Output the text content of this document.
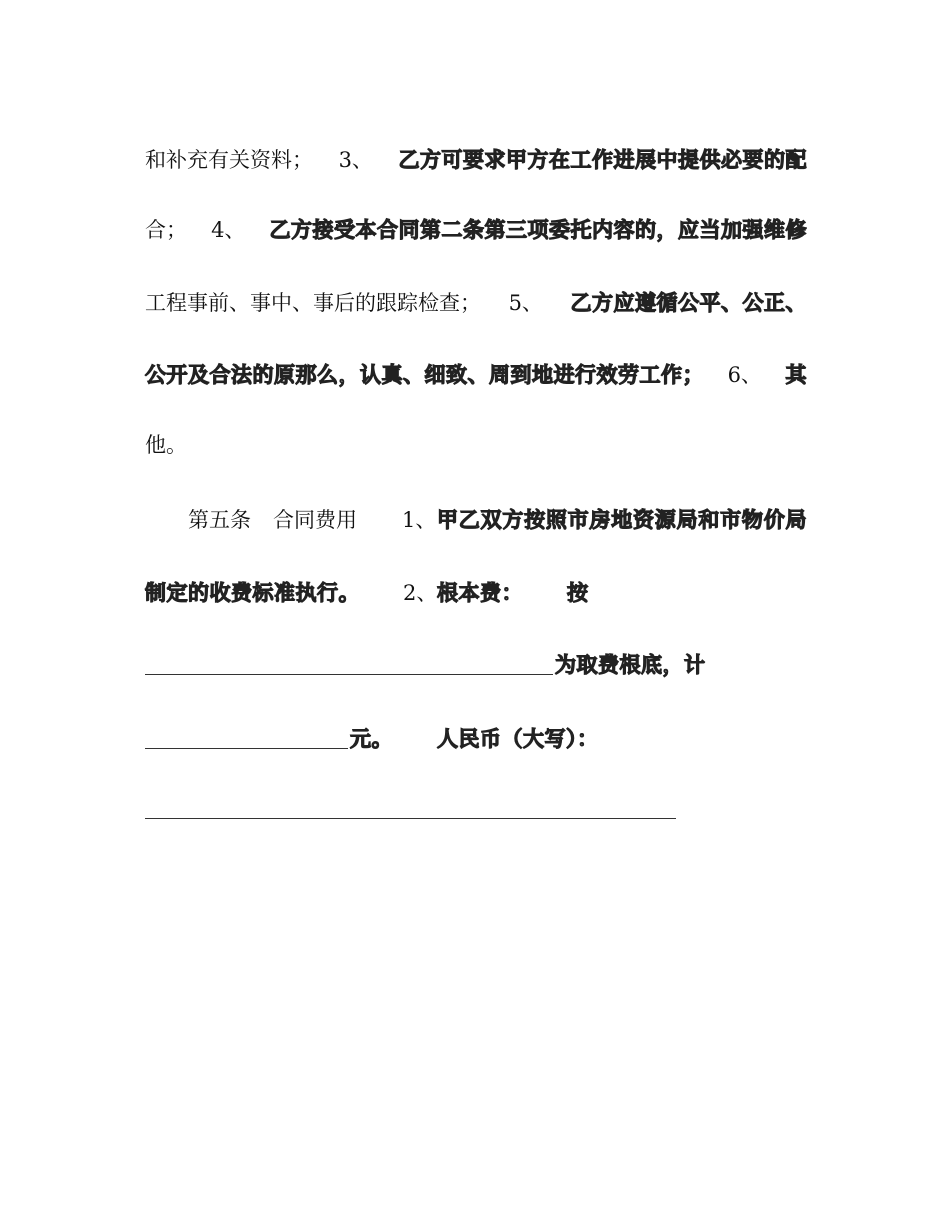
和补充有关资料； 3、 乙方可要求甲方在工作进展中提供必要的配
合； 4、 乙方接受本合同第二条第三项委托内容的，应当加强维修
工程事前、事中、事后的跟踪检查； 5、 乙方应遵循公平、公正、
公开及合法的原那么，认真、细致、周到地进行效劳工作； 6、 其
他。
第五条 合同费用 1、 甲乙双方按照市房地资源局和市物价局
制定的收费标准执行。 2、 根本费： 按
为取费根底，计
元。 人民币（大写）：
